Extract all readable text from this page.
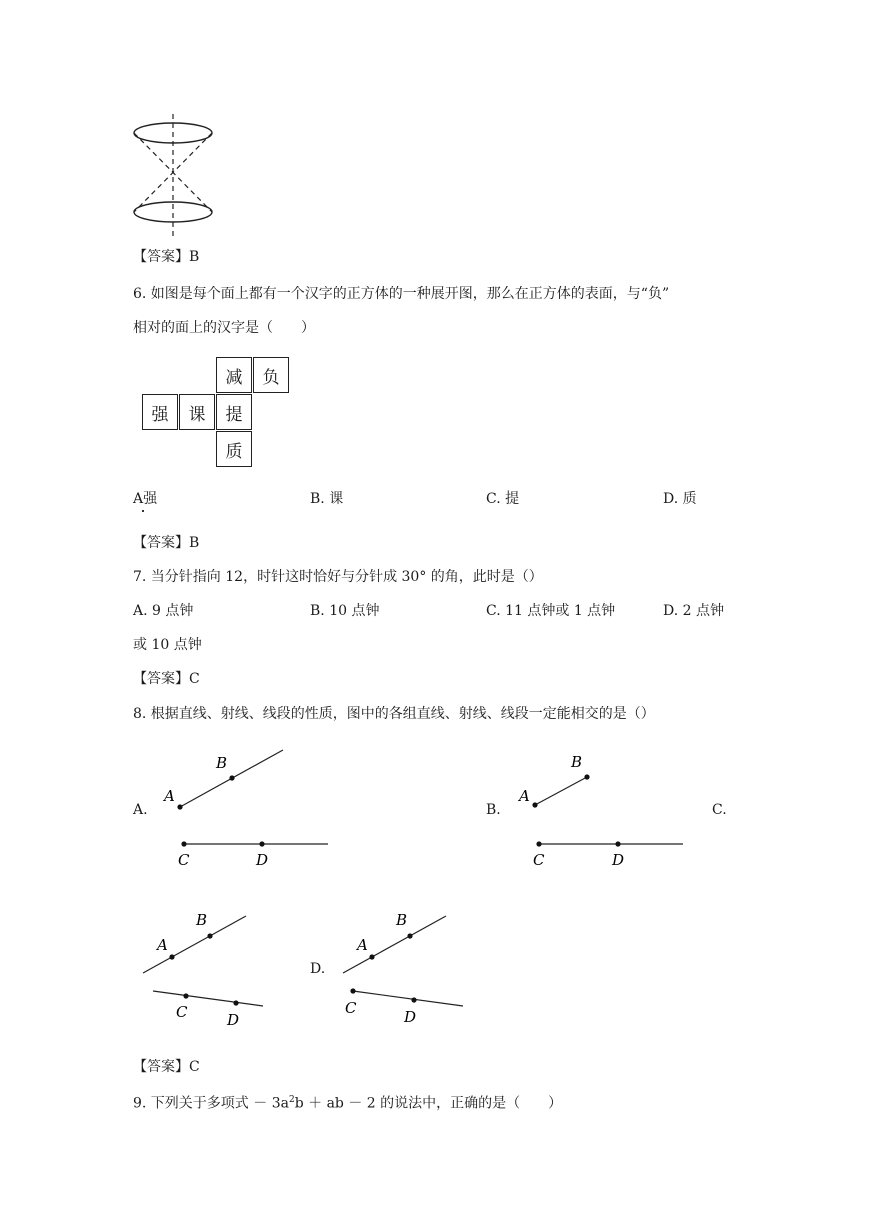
【答案】B
6. 如图是每个面上都有一个汉字的正方体的一种展开图，那么在正方体的表面，与“负”
相对的面上的汉字是（　　）
减	负
强	课	提
质
A强	B. 课	C. 提	D. 质
【答案】B
7. 当分针指向 12，时针这时恰好与分针成 30° 的角，此时是（）
A. 9 点钟	B. 10 点钟	C. 11 点钟或 1 点钟	D. 2 点钟
或 10 点钟
【答案】C
8. 根据直线、射线、线段的性质，图中的各组直线、射线、线段一定能相交的是（）
A.	B.	C.
D.
A
B
C	D
A
B
C	D
A
B
C	D
A
B
C	D
【答案】C
9. 下列关于多项式 － $3a^2b$ ＋ ab － 2 的说法中，正确的是（　　）
